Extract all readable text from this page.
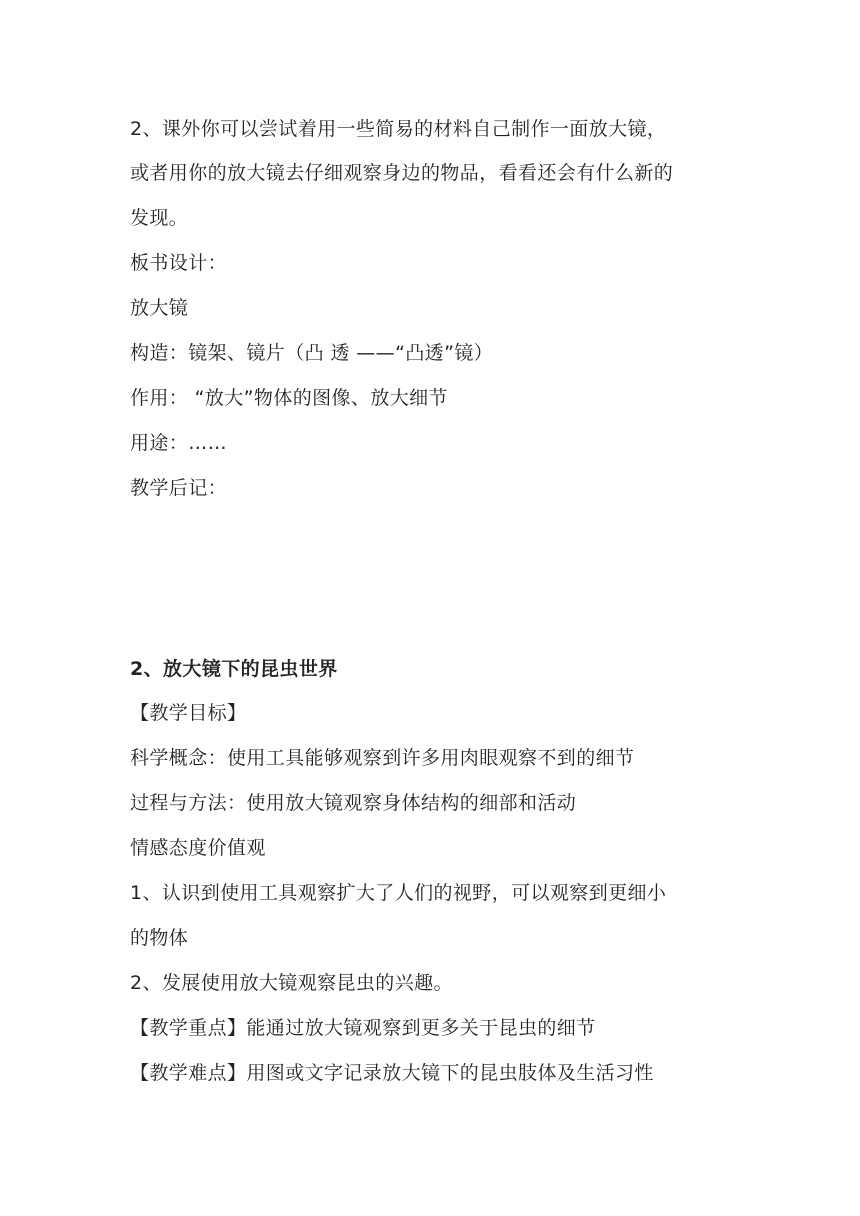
2、课外你可以尝试着用一些简易的材料自己制作一面放大镜，
或者用你的放大镜去仔细观察身边的物品，看看还会有什么新的
发现。
板书设计：
放大镜
构造：镜架、镜片（凸 透 ——“凸透”镜）
作用： “放大”物体的图像、放大细节
用途：……
教学后记：
2、放大镜下的昆虫世界
【教学目标】
科学概念：使用工具能够观察到许多用肉眼观察不到的细节
过程与方法：使用放大镜观察身体结构的细部和活动
情感态度价值观
1、认识到使用工具观察扩大了人们的视野，可以观察到更细小
的物体
2、发展使用放大镜观察昆虫的兴趣。
【教学重点】能通过放大镜观察到更多关于昆虫的细节
【教学难点】用图或文字记录放大镜下的昆虫肢体及生活习性
